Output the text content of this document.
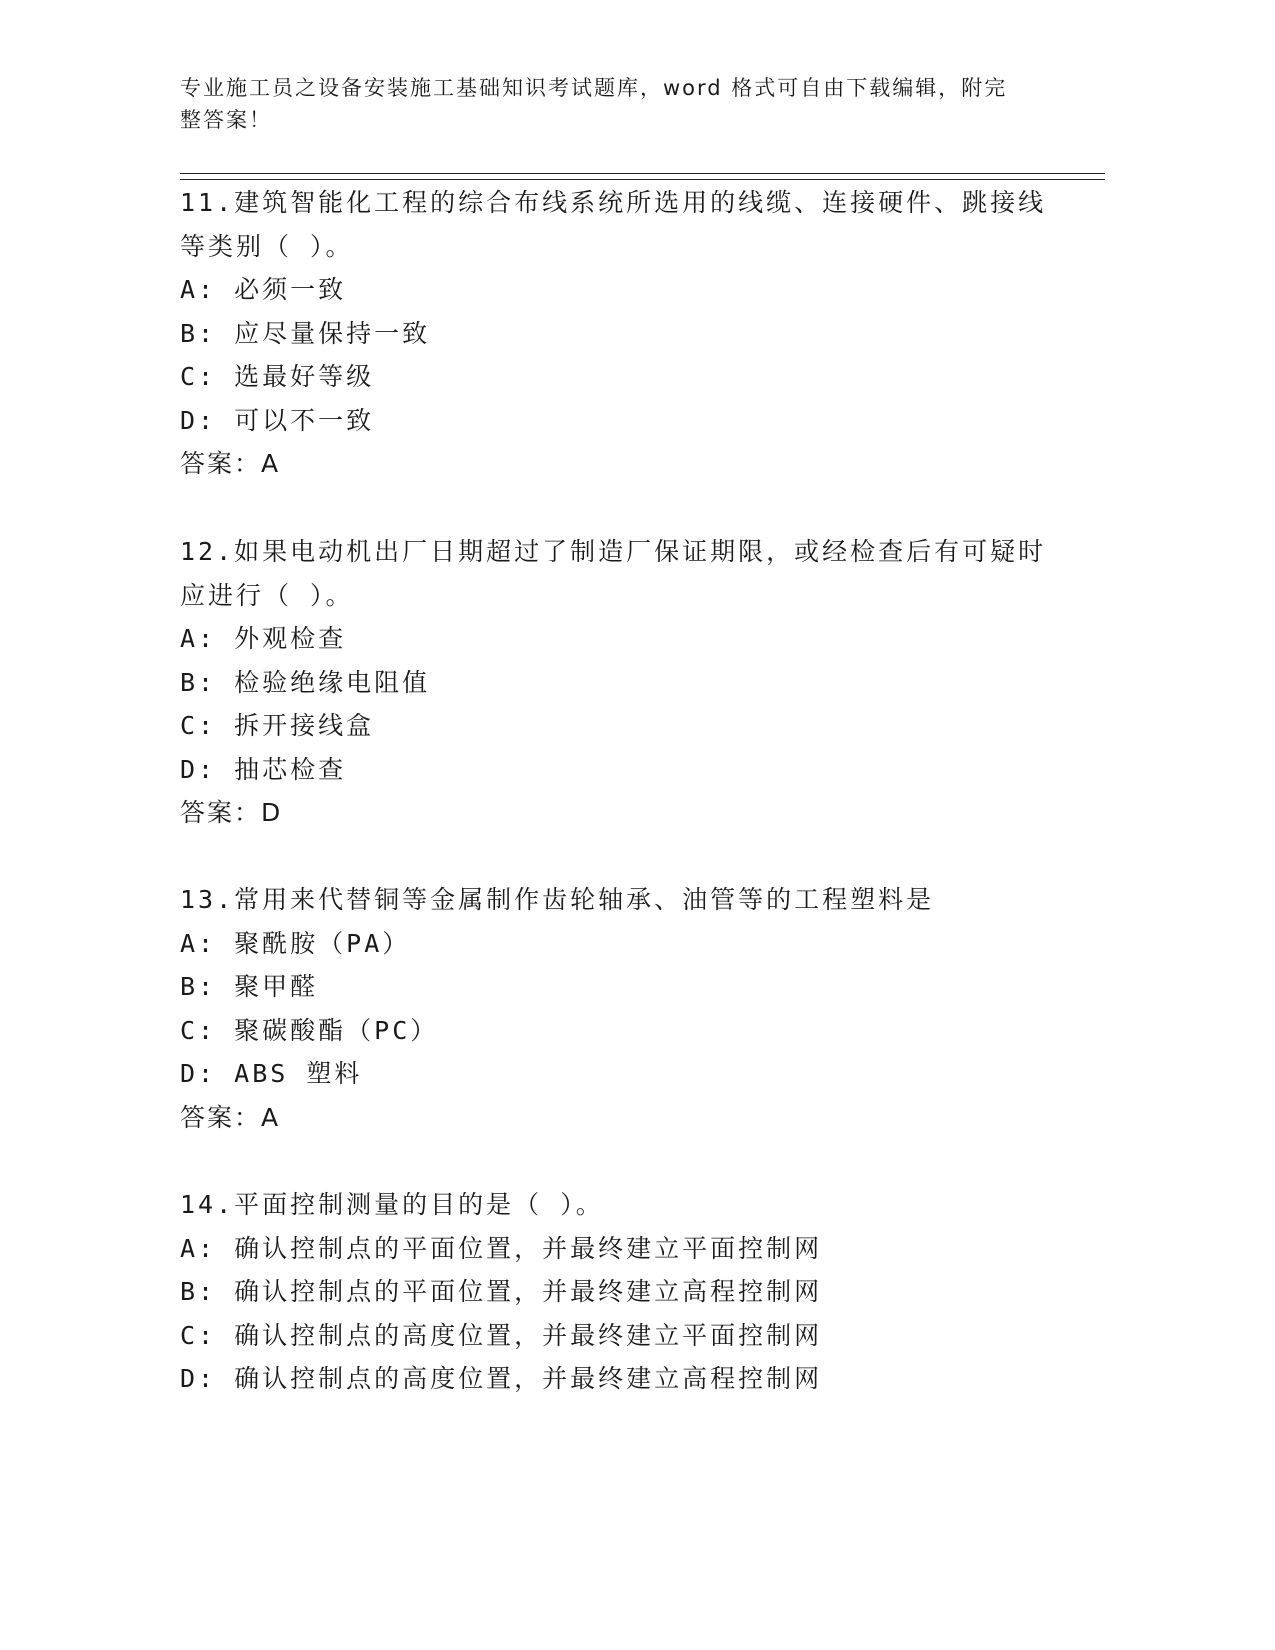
专业施工员之设备安装施工基础知识考试题库，word 格式可自由下载编辑，附完整答案！

11.建筑智能化工程的综合布线系统所选用的线缆、连接硬件、跳接线等类别（ ）。

A: 必须一致

B: 应尽量保持一致

C: 选最好等级

D: 可以不一致

答案：A

12.如果电动机出厂日期超过了制造厂保证期限，或经检查后有可疑时应进行（ ）。

A: 外观检查

B: 检验绝缘电阻值

C: 拆开接线盒

D: 抽芯检查

答案：D

13.常用来代替铜等金属制作齿轮轴承、油管等的工程塑料是

A: 聚酰胺（PA）

B: 聚甲醛

C: 聚碳酸酯（PC）

D: ABS 塑料

答案：A

14.平面控制测量的目的是（ ）。

A: 确认控制点的平面位置，并最终建立平面控制网

B: 确认控制点的平面位置，并最终建立高程控制网

C: 确认控制点的高度位置，并最终建立平面控制网

D: 确认控制点的高度位置，并最终建立高程控制网
